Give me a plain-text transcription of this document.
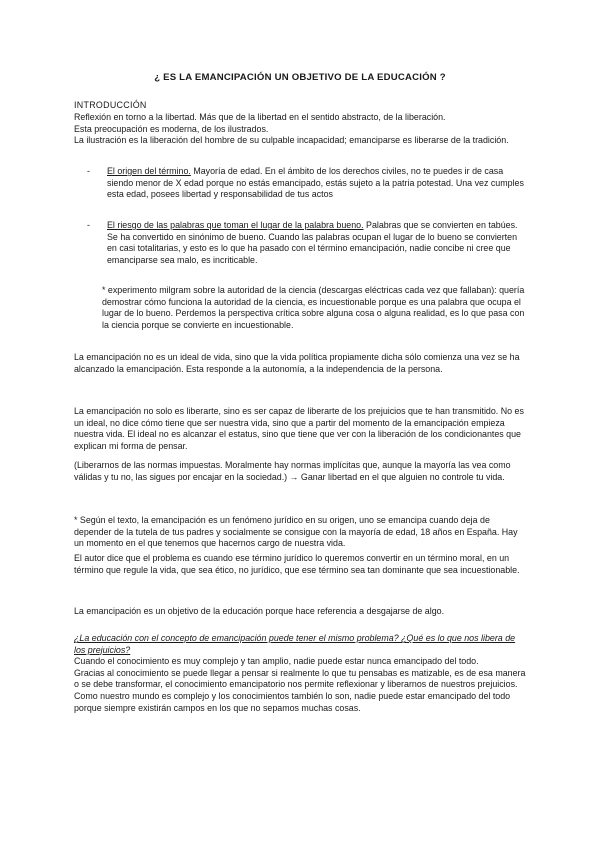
¿ ES LA EMANCIPACIÓN UN OBJETIVO DE LA EDUCACIÓN ?

INTRODUCCIÓN

Reflexión en torno a la libertad. Más que de la libertad en el sentido abstracto, de la liberación.

Esta preocupación es moderna, de los ilustrados.

La ilustración es la liberación del hombre de su culpable incapacidad; emanciparse es liberarse de la tradición.

- El origen del término. Mayoría de edad. En el ámbito de los derechos civiles, no te puedes ir de casa siendo menor de X edad porque no estás emancipado, estás sujeto a la patria potestad. Una vez cumples esta edad, posees libertad y responsabilidad de tus actos
- El riesgo de las palabras que toman el lugar de la palabra bueno. Palabras que se convierten en tabúes. Se ha convertido en sinónimo de bueno. Cuando las palabras ocupan el lugar de lo bueno se convierten en casi totalitarias, y esto es lo que ha pasado con el término emancipación, nadie concibe ni cree que emanciparse sea malo, es incriticable.
* experimento milgram sobre la autoridad de la ciencia (descargas eléctricas cada vez que fallaban): quería demostrar cómo funciona la autoridad de la ciencia, es incuestionable porque es una palabra que ocupa el lugar de lo bueno. Perdemos la perspectiva crítica sobre alguna cosa o alguna realidad, es lo que pasa con la ciencia porque se convierte en incuestionable.
La emancipación no es un ideal de vida, sino que la vida política propiamente dicha sólo comienza una vez se ha alcanzado la emancipación. Esta responde a la autonomía, a la independencia de la persona.
La emancipación no solo es liberarte, sino es ser capaz de liberarte de los prejuicios que te han transmitido. No es un ideal, no dice cómo tiene que ser nuestra vida, sino que a partir del momento de la emancipación empieza nuestra vida. El ideal no es alcanzar el estatus, sino que tiene que ver con la liberación de los condicionantes que explican mi forma de pensar.
(Liberarnos de las normas impuestas. Moralmente hay normas implícitas que, aunque la mayoría las vea como válidas y tu no, las sigues por encajar en la sociedad.) → Ganar libertad en el que alguien no controle tu vida.
* Según el texto, la emancipación es un fenómeno jurídico en su origen, uno se emancipa cuando deja de depender de la tutela de tus padres y socialmente se consigue con la mayoría de edad, 18 años en España. Hay un momento en el que tenemos que hacernos cargo de nuestra vida.
El autor dice que el problema es cuando ese término jurídico lo queremos convertir en un término moral, en un término que regule la vida, que sea ético, no jurídico, que ese término sea tan dominante que sea incuestionable.
La emancipación es un objetivo de la educación porque hace referencia a desgajarse de algo.

¿La educación con el concepto de emancipación puede tener el mismo problema? ¿Qué es lo que nos libera de los prejuicios?

Cuando el conocimiento es muy complejo y tan amplio, nadie puede estar nunca emancipado del todo.

Gracias al conocimiento se puede llegar a pensar si realmente lo que tu pensabas es matizable, es de esa manera o se debe transformar, el conocimiento emancipatorio nos permite reflexionar y liberarnos de nuestros prejuicios.

Como nuestro mundo es complejo y los conocimientos también lo son, nadie puede estar emancipado del todo porque siempre existirán campos en los que no sepamos muchas cosas.
